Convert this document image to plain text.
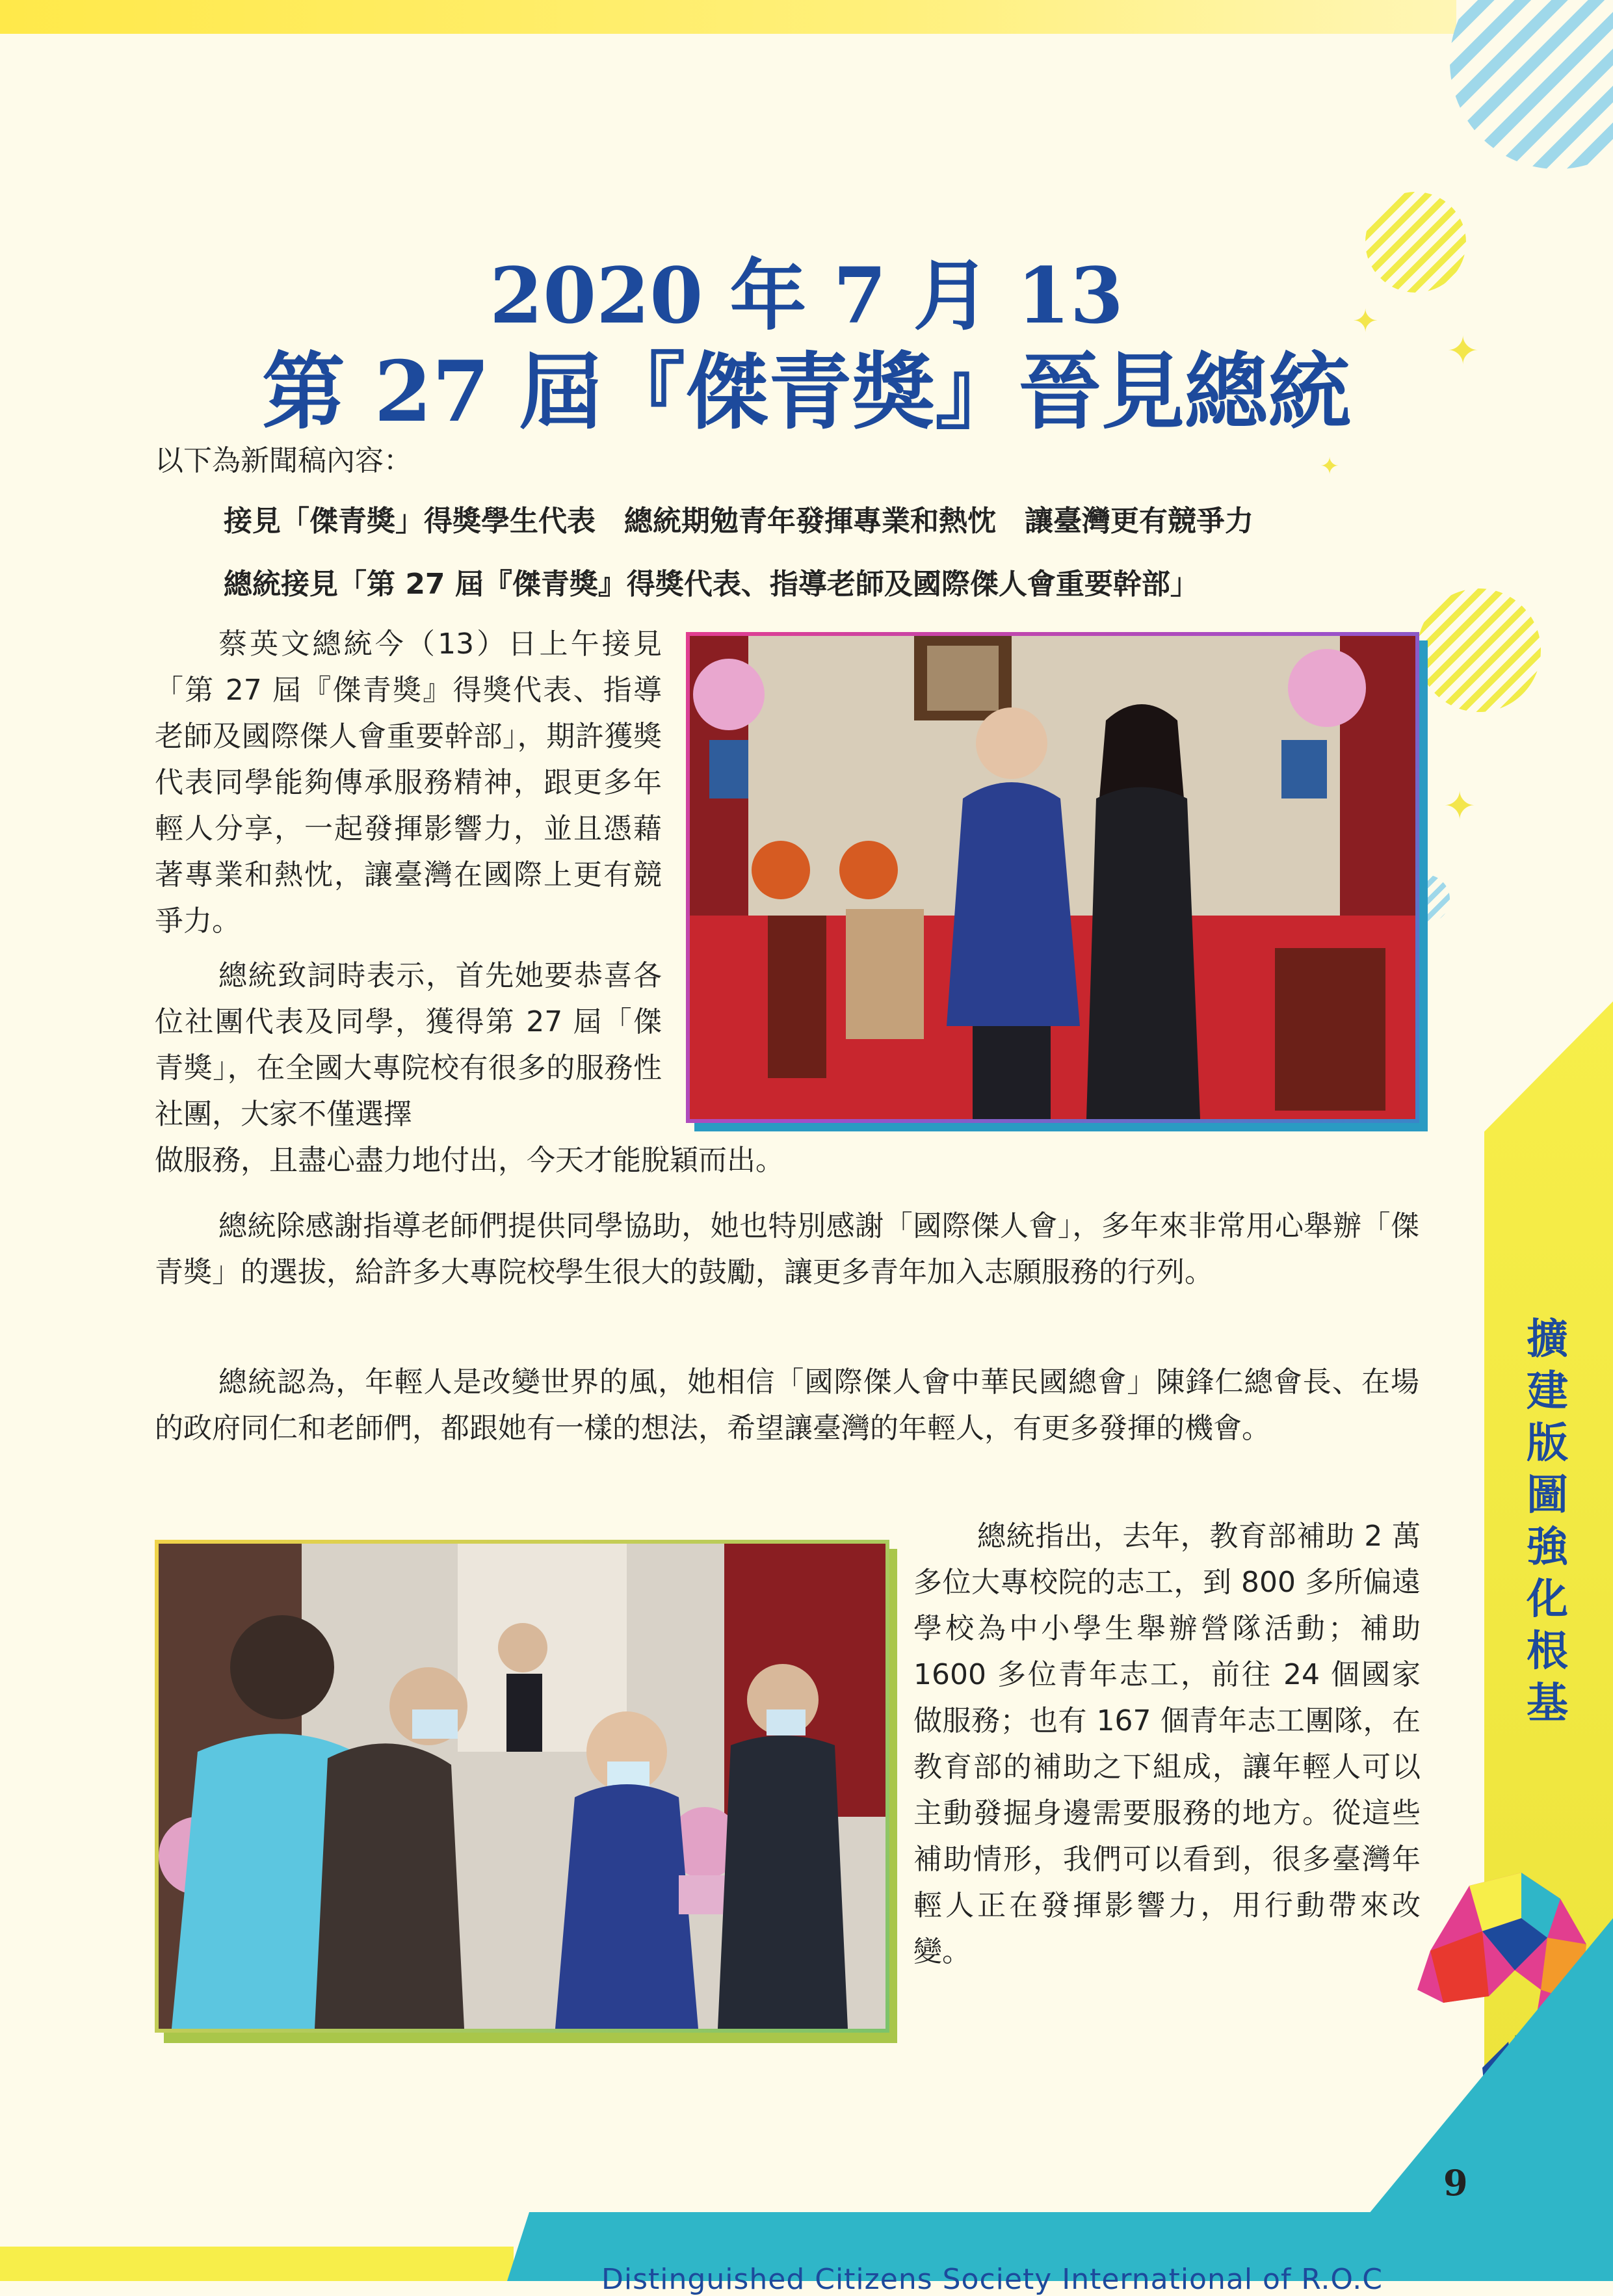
✦
✦
✦
✦
2020 年 7 月 13
第 27 屆『傑青獎』晉見總統
以下為新聞稿內容：
接見「傑青獎」得獎學生代表　總統期勉青年發揮專業和熱忱　讓臺灣更有競爭力
總統接見「第 27 屆『傑青獎』得獎代表、指導老師及國際傑人會重要幹部」
蔡英文總統今（13）日上午接見「第 27 屆『傑青獎』得獎代表、指導老師及國際傑人會重要幹部」，期許獲獎代表同學能夠傳承服務精神，跟更多年輕人分享，一起發揮影響力，並且憑藉著專業和熱忱，讓臺灣在國際上更有競爭力。
總統致詞時表示，首先她要恭喜各位社團代表及同學，獲得第 27 屆「傑青獎」，在全國大專院校有很多的服務性社團，大家不僅選擇
做服務，且盡心盡力地付出，今天才能脫穎而出。
總統除感謝指導老師們提供同學協助，她也特別感謝「國際傑人會」，多年來非常用心舉辦「傑青獎」的選拔，給許多大專院校學生很大的鼓勵，讓更多青年加入志願服務的行列。
總統認為，年輕人是改變世界的風，她相信「國際傑人會中華民國總會」陳鋒仁總會長、在場的政府同仁和老師們，都跟她有一樣的想法，希望讓臺灣的年輕人，有更多發揮的機會。
總統指出，去年，教育部補助 2 萬多位大專校院的志工，到 800 多所偏遠學校為中小學生舉辦營隊活動；補助 1600 多位青年志工，前往 24 個國家做服務；也有 167 個青年志工團隊，在教育部的補助之下組成，讓年輕人可以主動發掘身邊需要服務的地方。從這些補助情形，我們可以看到，很多臺灣年輕人正在發揮影響力，用行動帶來改變。
擴建版圖 強化根基
Distinguished Citizens Society International of R.O.C
9
